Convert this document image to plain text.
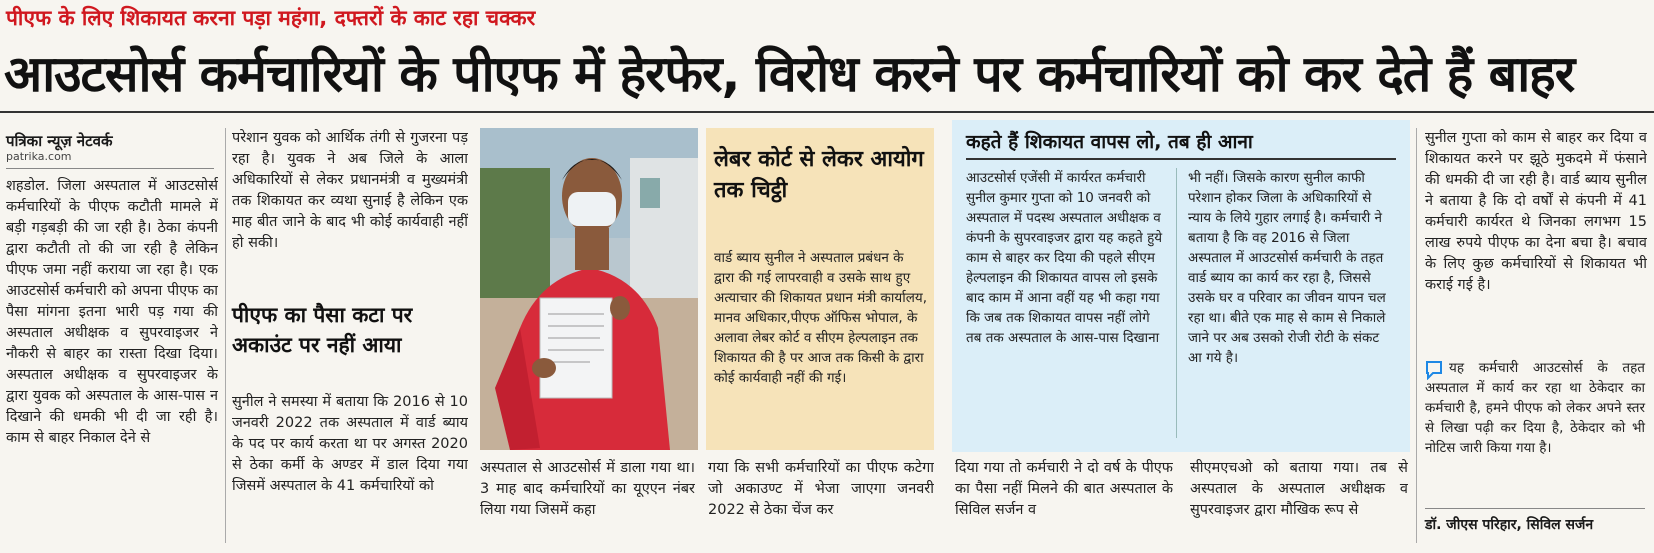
पीएफ के लिए शिकायत करना पड़ा महंगा, दफ्तरों के काट रहा चक्कर
आउटसोर्स कर्मचारियों के पीएफ में हेरफेर, विरोध करने पर कर्मचारियों को कर देते हैं बाहर
पत्रिका न्यूज़ नेटवर्क
patrika.com
शहडोल. जिला अस्पताल में आउटसोर्स कर्मचारियों के पीएफ कटौती मामले में बड़ी गड़बड़ी की जा रही है। ठेका कंपनी द्वारा कटौती तो की जा रही है लेकिन पीएफ जमा नहीं कराया जा रहा है। एक आउटसोर्स कर्मचारी को अपना पीएफ का पैसा मांगना इतना भारी पड़ गया की अस्पताल अधीक्षक व सुपरवाइजर ने नौकरी से बाहर का रास्ता दिखा दिया। अस्पताल अधीक्षक व सुपरवाइजर के द्वारा युवक को अस्पताल के आस-पास न दिखाने की धमकी भी दी जा रही है। काम से बाहर निकाल देने से
परेशान युवक को आर्थिक तंगी से गुजरना पड़ रहा है। युवक ने अब जिले के आला अधिकारियों से लेकर प्रधानमंत्री व मुख्यमंत्री तक शिकायत कर व्यथा सुनाई है लेकिन एक माह बीत जाने के बाद भी कोई कार्यवाही नहीं हो सकी।
पीएफ का पैसा कटा पर अकाउंट पर नहीं आया
सुनील ने समस्या में बताया कि 2016 से 10 जनवरी 2022 तक अस्पताल में वार्ड ब्याय के पद पर कार्य करता था पर अगस्त 2020 से ठेका कर्मी के अण्डर में डाल दिया गया जिसमें अस्पताल के 41 कर्मचारियों को
लेबर कोर्ट से लेकर आयोग तक चिट्ठी
वार्ड ब्याय सुनील ने अस्पताल प्रबंधन के द्वारा की गई लापरवाही व उसके साथ हुए अत्याचार की शिकायत प्रधान मंत्री कार्यालय, मानव अधिकार,पीएफ ऑफिस भोपाल, के अलावा लेबर कोर्ट व सीएम हेल्पलाइन तक शिकायत की है पर आज तक किसी के द्वारा कोई कार्यवाही नहीं की गई।
अस्पताल से आउटसोर्स में डाला गया था। 3 माह बाद कर्मचारियों का यूएएन नंबर लिया गया जिसमें कहा
गया कि सभी कर्मचारियों का पीएफ कटेगा जो अकाउण्ट में भेजा जाएगा जनवरी 2022 से ठेका चेंज कर
कहते हैं शिकायत वापस लो, तब ही आना
आउटसोर्स एजेंसी में कार्यरत कर्मचारी सुनील कुमार गुप्ता को 10 जनवरी को अस्पताल में पदस्थ अस्पताल अधीक्षक व कंपनी के सुपरवाइजर द्वारा यह कहते हुये काम से बाहर कर दिया की पहले सीएम हेल्पलाइन की शिकायत वापस लो इसके बाद काम में आना वहीं यह भी कहा गया कि जब तक शिकायत वापस नहीं लोगे तब तक अस्पताल के आस-पास दिखाना
भी नहीं। जिसके कारण सुनील काफी परेशान होकर जिला के अधिकारियों से न्याय के लिये गुहार लगाई है। कर्मचारी ने बताया है कि वह 2016 से जिला अस्पताल में आउटसोर्स कर्मचारी के तहत वार्ड ब्याय का कार्य कर रहा है, जिससे उसके घर व परिवार का जीवन यापन चल रहा था। बीते एक माह से काम से निकाले जाने पर अब उसको रोजी रोटी के संकट आ गये है।
दिया गया तो कर्मचारी ने दो वर्ष के पीएफ का पैसा नहीं मिलने की बात अस्पताल के सिविल सर्जन व
सीएमएचओ को बताया गया। तब से अस्पताल के अस्पताल अधीक्षक व सुपरवाइजर द्वारा मौखिक रूप से
सुनील गुप्ता को काम से बाहर कर दिया व शिकायत करने पर झूठे मुकदमे में फंसाने की धमकी दी जा रही है। वार्ड ब्याय सुनील ने बताया है कि दो वर्षों से कंपनी में 41 कर्मचारी कार्यरत थे जिनका लगभग 15 लाख रुपये पीएफ का देना बचा है। बचाव के लिए कुछ कर्मचारियों से शिकायत भी कराई गई है।
यह कर्मचारी आउटसोर्स के तहत अस्पताल में कार्य कर रहा था ठेकेदार का कर्मचारी है, हमने पीएफ को लेकर अपने स्तर से लिखा पढ़ी कर दिया है, ठेकेदार को भी नोटिस जारी किया गया है।
डॉ. जीएस परिहार, सिविल सर्जन
